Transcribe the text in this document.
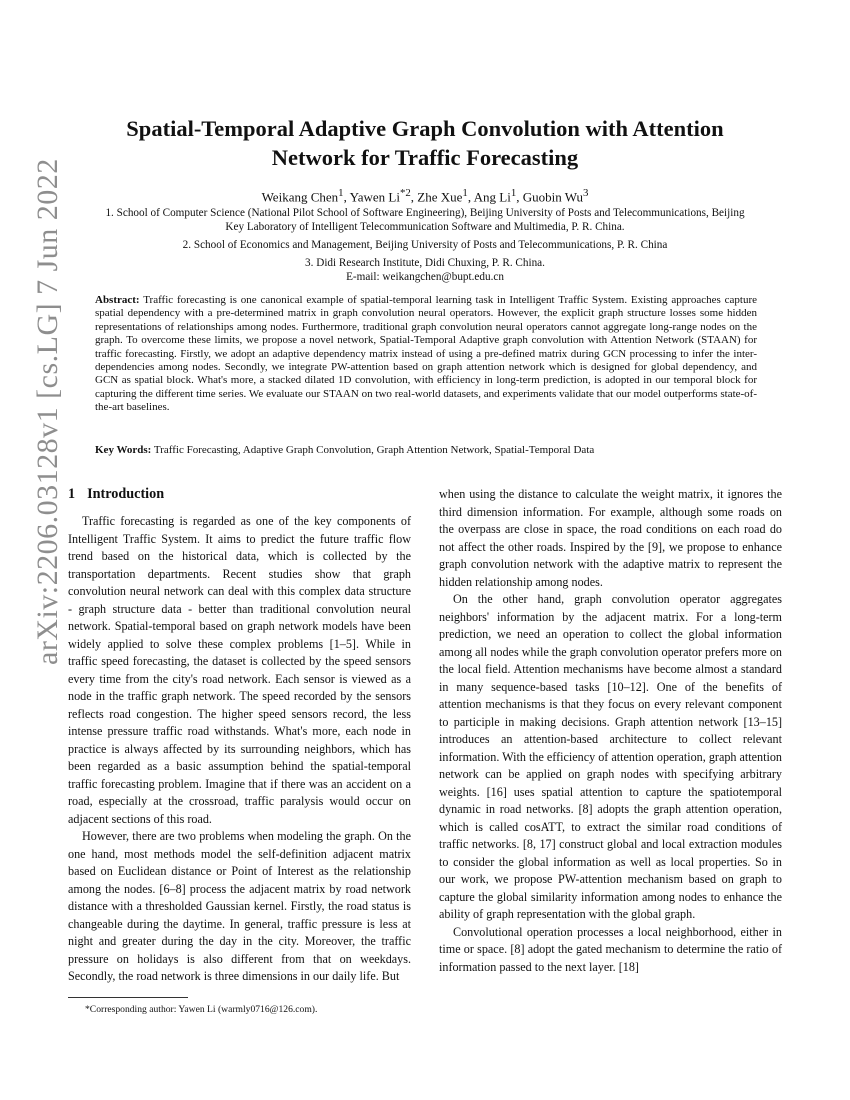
arXiv:2206.03128v1 [cs.LG] 7 Jun 2022
Spatial-Temporal Adaptive Graph Convolution with Attention
Network for Traffic Forecasting
Weikang Chen$^1$, Yawen Li$^{*2}$, Zhe Xue$^1$, Ang Li$^1$, Guobin Wu$^3$
1. School of Computer Science (National Pilot School of Software Engineering), Beijing University of Posts and Telecommunications, Beijing
Key Laboratory of Intelligent Telecommunication Software and Multimedia, P. R. China.
2. School of Economics and Management, Beijing University of Posts and Telecommunications, P. R. China
3. Didi Research Institute, Didi Chuxing, P. R. China.
E-mail: weikangchen@bupt.edu.cn

Abstract: Traffic forecasting is one canonical example of spatial-temporal learning task in Intelligent Traffic System. Existing approaches capture spatial dependency with a pre-determined matrix in graph convolution neural operators. However, the explicit graph structure losses some hidden representations of relationships among nodes. Furthermore, traditional graph convolution neural operators cannot aggregate long-range nodes on the graph. To overcome these limits, we propose a novel network, Spatial-Temporal Adaptive graph convolution with Attention Network (STAAN) for traffic forecasting. Firstly, we adopt an adaptive dependency matrix instead of using a pre-defined matrix during GCN processing to infer the inter-dependencies among nodes. Secondly, we integrate PW-attention based on graph attention network which is designed for global dependency, and GCN as spatial block. What's more, a stacked dilated 1D convolution, with efficiency in long-term prediction, is adopted in our temporal block for capturing the different time series. We evaluate our STAAN on two real-world datasets, and experiments validate that our model outperforms state-of-the-art baselines.

Key Words: Traffic Forecasting, Adaptive Graph Convolution, Graph Attention Network, Spatial-Temporal Data
1 Introduction

Traffic forecasting is regarded as one of the key components of Intelligent Traffic System. It aims to predict the future traffic flow trend based on the historical data, which is collected by the transportation departments. Recent studies show that graph convolution neural network can deal with this complex data structure - graph structure data - better than traditional convolution neural network. Spatial-temporal based on graph network models have been widely applied to solve these complex problems [1–5]. While in traffic speed forecasting, the dataset is collected by the speed sensors every time from the city's road network. Each sensor is viewed as a node in the traffic graph network. The speed recorded by the sensors reflects road congestion. The higher speed sensors record, the less intense pressure traffic road withstands. What's more, each node in practice is always affected by its surrounding neighbors, which has been regarded as a basic assumption behind the spatial-temporal traffic forecasting problem. Imagine that if there was an accident on a road, especially at the crossroad, traffic paralysis would occur on adjacent sections of this road.

However, there are two problems when modeling the graph. On the one hand, most methods model the self-definition adjacent matrix based on Euclidean distance or Point of Interest as the relationship among the nodes. [6–8] process the adjacent matrix by road network distance with a thresholded Gaussian kernel. Firstly, the road status is changeable during the daytime. In general, traffic pressure is less at night and greater during the day in the city. Moreover, the traffic pressure on holidays is also different from that on weekdays. Secondly, the road network is three dimensions in our daily life. But

when using the distance to calculate the weight matrix, it ignores the third dimension information. For example, although some roads on the overpass are close in space, the road conditions on each road do not affect the other roads. Inspired by the [9], we propose to enhance graph convolution network with the adaptive matrix to represent the hidden relationship among nodes.

On the other hand, graph convolution operator aggregates neighbors' information by the adjacent matrix. For a long-term prediction, we need an operation to collect the global information among all nodes while the graph convolution operator prefers more on the local field. Attention mechanisms have become almost a standard in many sequence-based tasks [10–12]. One of the benefits of attention mechanisms is that they focus on every relevant component to participle in making decisions. Graph attention network [13–15] introduces an attention-based architecture to collect relevant information. With the efficiency of attention operation, graph attention network can be applied on graph nodes with specifying arbitrary weights. [16] uses spatial attention to capture the spatiotemporal dynamic in road networks. [8] adopts the graph attention operation, which is called cosATT, to extract the similar road conditions of traffic networks. [8, 17] construct global and local extraction modules to consider the global information as well as local properties. So in our work, we propose PW-attention mechanism based on graph to capture the global similarity information among nodes to enhance the ability of graph representation with the global graph.

Convolutional operation processes a local neighborhood, either in time or space. [8] adopt the gated mechanism to determine the ratio of information passed to the next layer. [18]

*Corresponding author: Yawen Li (warmly0716@126.com).
